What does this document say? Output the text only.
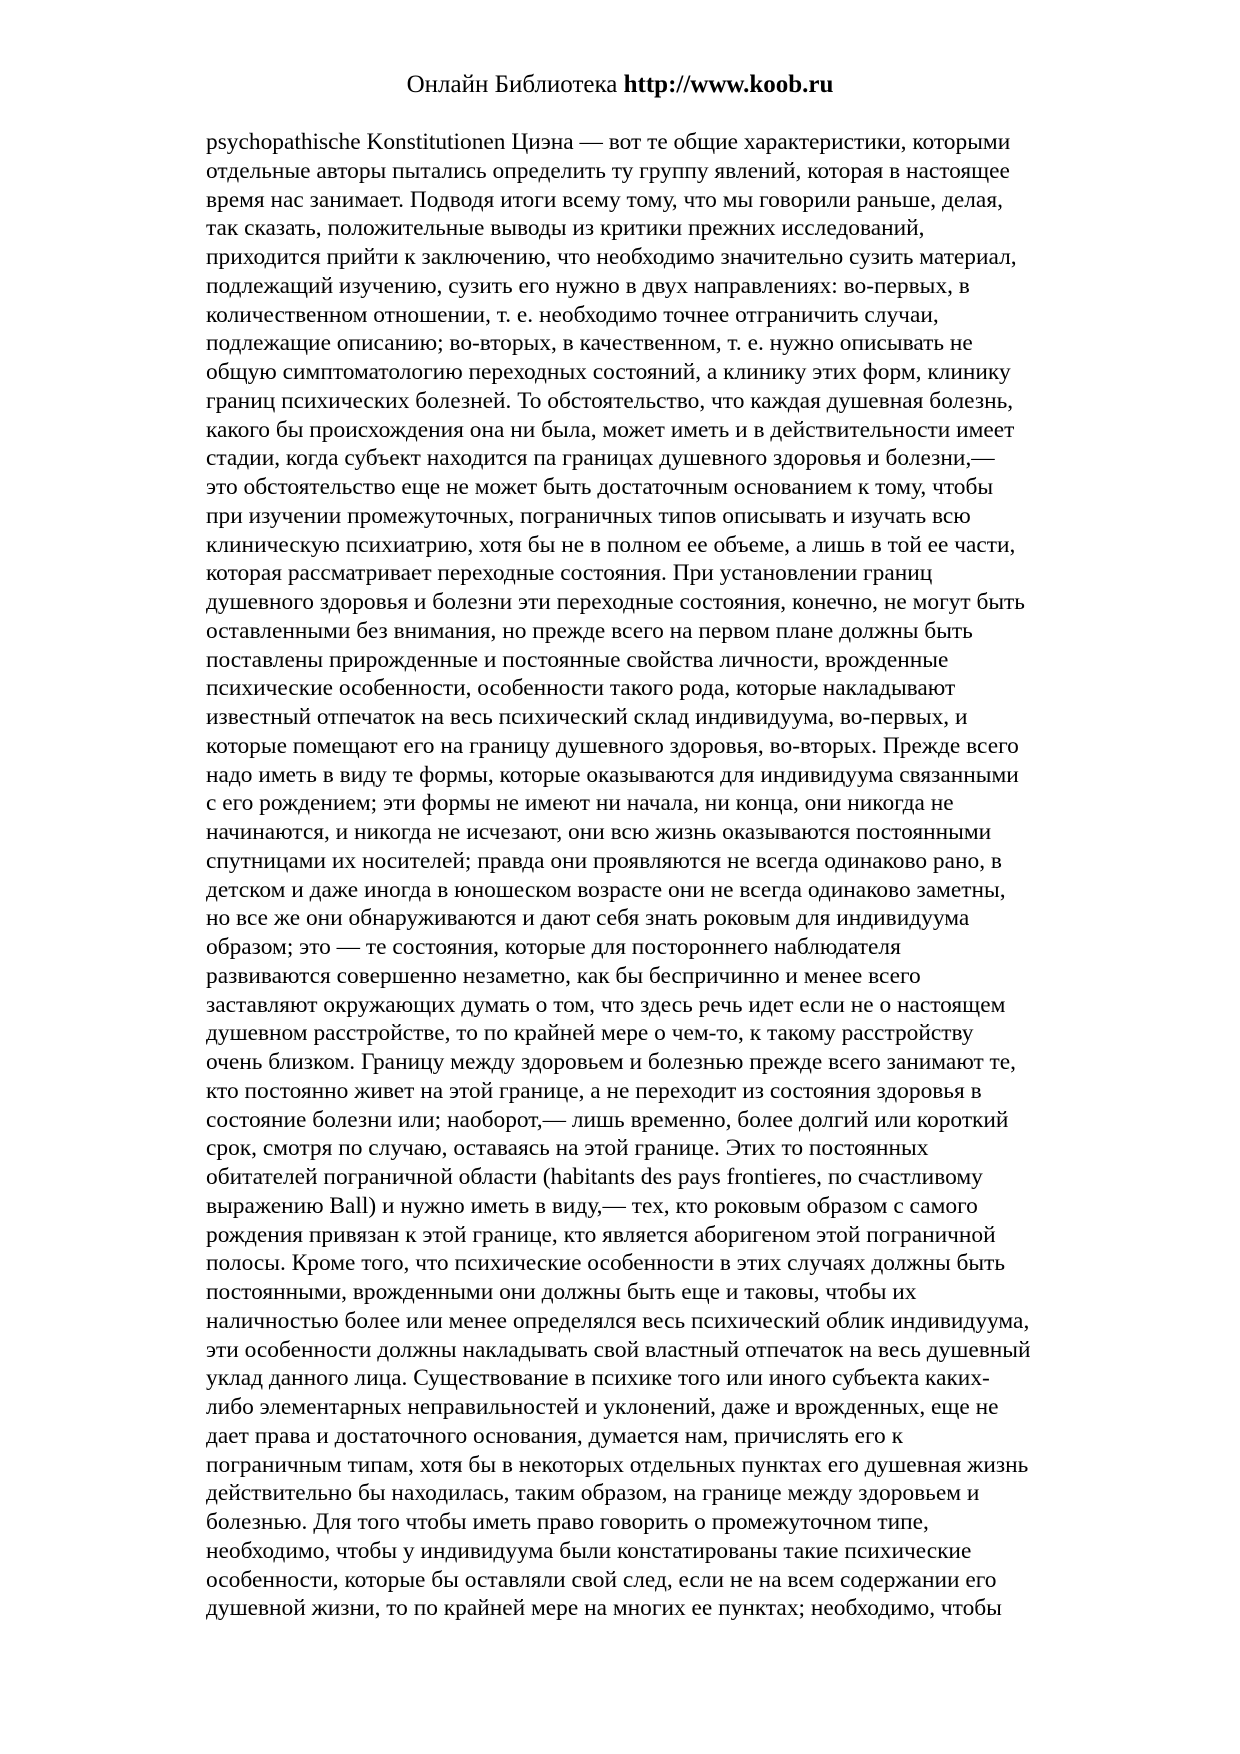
Онлайн Библиотека http://www.koob.ru
psychopathische Konstitutionen Циэна — вот те общие характеристики, которыми
отдельные авторы пытались определить ту группу явлений, которая в настоящее
время нас занимает. Подводя итоги всему тому, что мы говорили раньше, делая,
так сказать, положительные выводы из критики прежних исследований,
приходится прийти к заключению, что необходимо значительно сузить материал,
подлежащий изучению, сузить его нужно в двух направлениях: во-первых, в
количественном отношении, т. е. необходимо точнее отграничить случаи,
подлежащие описанию; во-вторых, в качественном, т. е. нужно описывать не
общую симптоматологию переходных состояний, а клинику этих форм, клинику
границ психических болезней. То обстоятельство, что каждая душевная болезнь,
какого бы происхождения она ни была, может иметь и в действительности имеет
стадии, когда субъект находится па границах душевного здоровья и болезни,—
это обстоятельство еще не может быть достаточным основанием к тому, чтобы
при изучении промежуточных, пограничных типов описывать и изучать всю
клиническую психиатрию, хотя бы не в полном ее объеме, а лишь в той ее части,
которая рассматривает переходные состояния. При установлении границ
душевного здоровья и болезни эти переходные состояния, конечно, не могут быть
оставленными без внимания, но прежде всего на первом плане должны быть
поставлены прирожденные и постоянные свойства личности, врожденные
психические особенности, особенности такого рода, которые накладывают
известный отпечаток на весь психический склад индивидуума, во-первых, и
которые помещают его на границу душевного здоровья, во-вторых. Прежде всего
надо иметь в виду те формы, которые оказываются для индивидуума связанными
с его рождением; эти формы не имеют ни начала, ни конца, они никогда не
начинаются, и никогда не исчезают, они всю жизнь оказываются постоянными
спутницами их носителей; правда они проявляются не всегда одинаково рано, в
детском и даже иногда в юношеском возрасте они не всегда одинаково заметны,
но все же они обнаруживаются и дают себя знать роковым для индивидуума
образом; это — те состояния, которые для постороннего наблюдателя
развиваются совершенно незаметно, как бы беспричинно и менее всего
заставляют окружающих думать о том, что здесь речь идет если не о настоящем
душевном расстройстве, то по крайней мере о чем-то, к такому расстройству
очень близком. Границу между здоровьем и болезнью прежде всего занимают те,
кто постоянно живет на этой границе, а не переходит из состояния здоровья в
состояние болезни или; наоборот,— лишь временно, более долгий или короткий
срок, смотря по случаю, оставаясь на этой границе. Этих то постоянных
обитателей пограничной области (habitants des pays frontieres, по счастливому
выражению Ball) и нужно иметь в виду,— тех, кто роковым образом с самого
рождения привязан к этой границе, кто является аборигеном этой пограничной
полосы. Кроме того, что психические особенности в этих случаях должны быть
постоянными, врожденными они должны быть еще и таковы, чтобы их
наличностью более или менее определялся весь психический облик индивидуума,
эти особенности должны накладывать свой властный отпечаток на весь душевный
уклад данного лица. Существование в психике того или иного субъекта каких-
либо элементарных неправильностей и уклонений, даже и врожденных, еще не
дает права и достаточного основания, думается нам, причислять его к
пограничным типам, хотя бы в некоторых отдельных пунктах его душевная жизнь
действительно бы находилась, таким образом, на границе между здоровьем и
болезнью. Для того чтобы иметь право говорить о промежуточном типе,
необходимо, чтобы у индивидуума были констатированы такие психические
особенности, которые бы оставляли свой след, если не на всем содержании его
душевной жизни, то по крайней мере на многих ее пунктах; необходимо, чтобы
